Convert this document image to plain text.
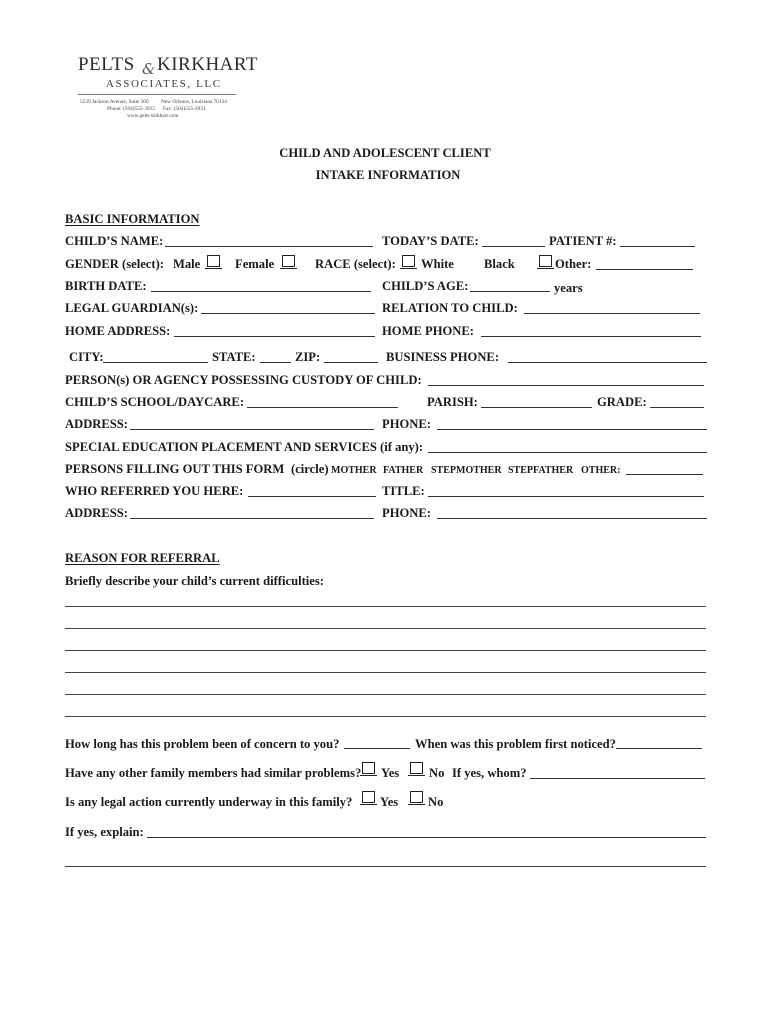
PELTS & KIRKHART
ASSOCIATES, LLC
5539 Jackson Avenue, Suite 300 New Orleans, Louisiana 70134
Phone: (504)555-3933 Fax: (504)555-3933
www.pelts-kirkhart.com
CHILD AND ADOLESCENT CLIENT
INTAKE INFORMATION
BASIC INFORMATION
CHILD’S NAME:	TODAY’S DATE:	PATIENT #:
GENDER (select): Male	Female	RACE (select): White Black	Other:
BIRTH DATE:	CHILD’S AGE:	years
LEGAL GUARDIAN(s):	RELATION TO CHILD:
HOME ADDRESS:	HOME PHONE:
CITY:	STATE:	ZIP:	BUSINESS PHONE:
PERSON(s) OR AGENCY POSSESSING CUSTODY OF CHILD:
CHILD’S SCHOOL/DAYCARE:	PARISH:	GRADE:
ADDRESS:	PHONE:
SPECIAL EDUCATION PLACEMENT AND SERVICES (if any):
PERSONS FILLING OUT THIS FORM (circle) MOTHER FATHER STEPMOTHER STEPFATHER OTHER:
WHO REFERRED YOU HERE:	TITLE:
ADDRESS:	PHONE:
REASON FOR REFERRAL
Briefly describe your child’s current difficulties:
How long has this problem been of concern to you?	When was this problem first noticed?
Have any other family members had similar problems? Yes No If yes, whom?
Is any legal action currently underway in this family? Yes No
If yes, explain:
